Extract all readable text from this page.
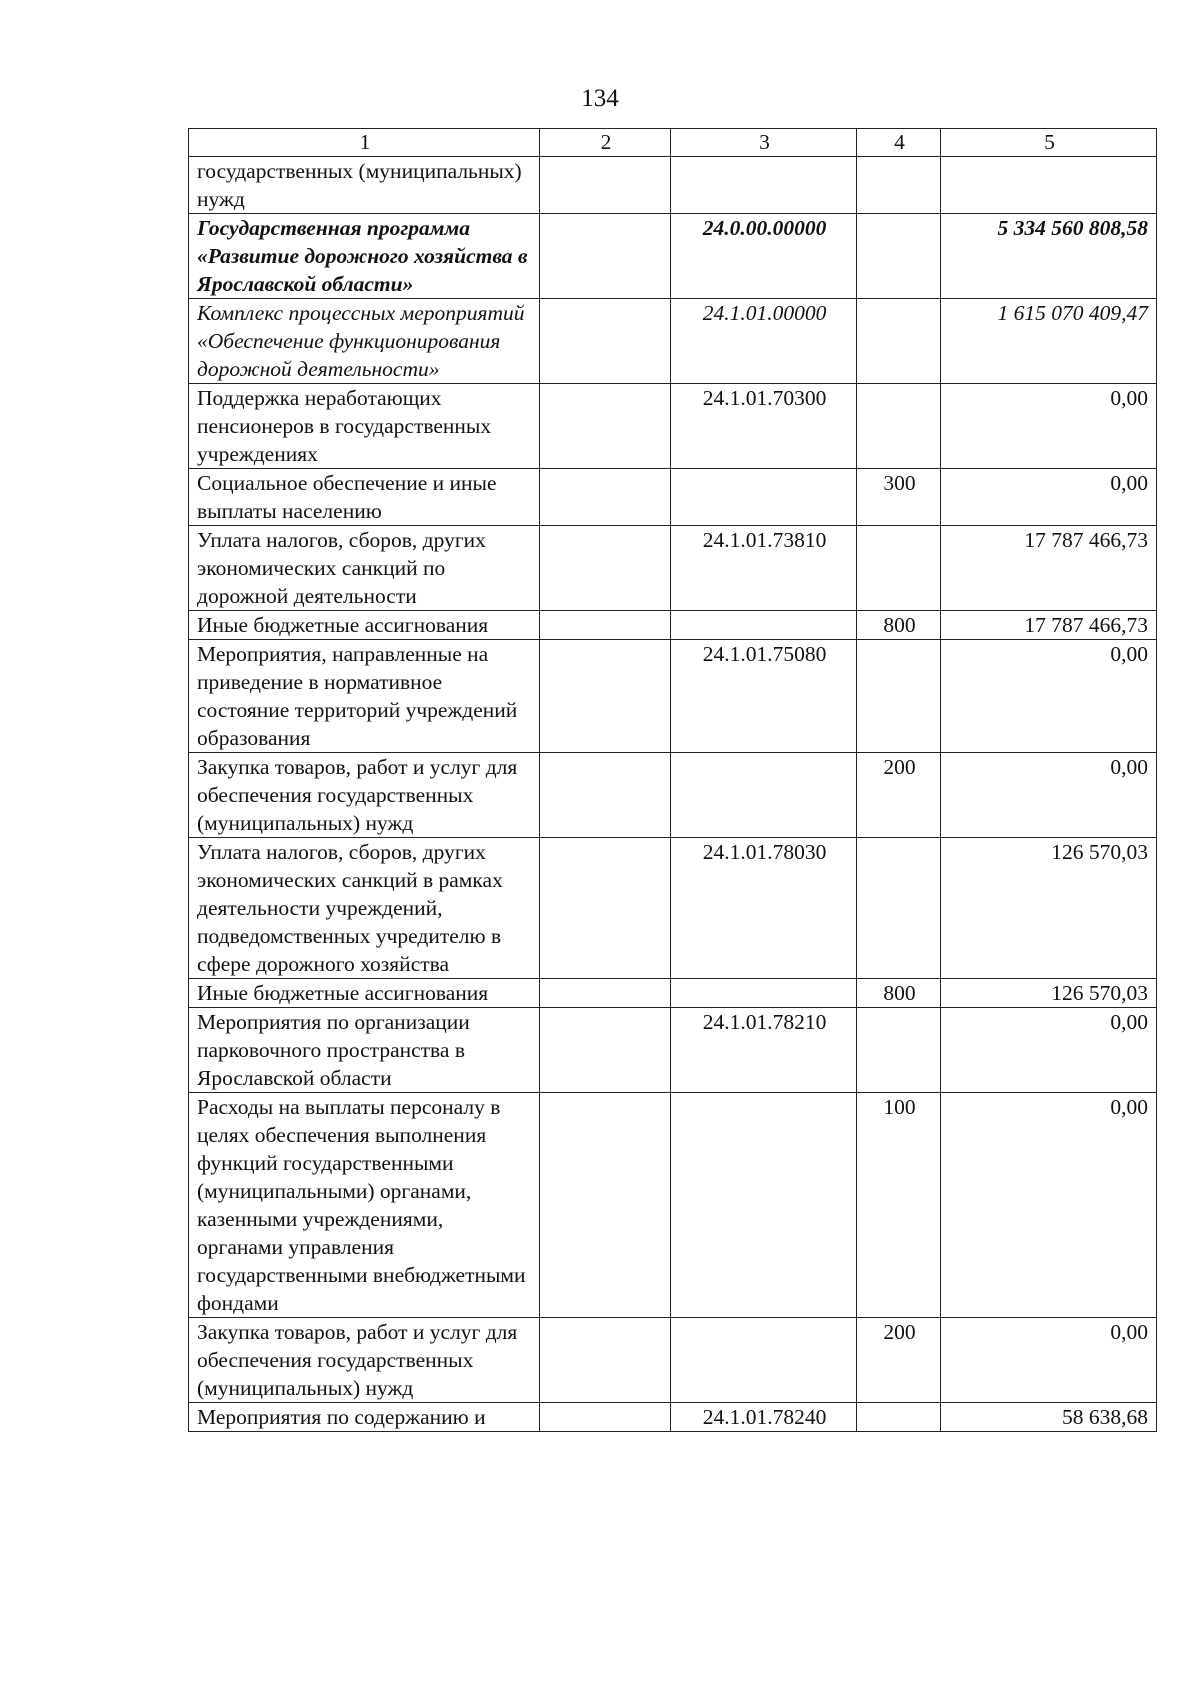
134
1	2	3	4	5
государственных (муниципальных) нужд				
Государственная программа «Развитие дорожного хозяйства в Ярославской области»		24.0.00.00000		5 334 560 808,58
Комплекс процессных мероприятий «Обеспечение функционирования дорожной деятельности»		24.1.01.00000		1 615 070 409,47
Поддержка неработающих пенсионеров в государственных учреждениях		24.1.01.70300		0,00
Социальное обеспечение и иные выплаты населению			300	0,00
Уплата налогов, сборов, других экономических санкций по дорожной деятельности		24.1.01.73810		17 787 466,73
Иные бюджетные ассигнования			800	17 787 466,73
Мероприятия, направленные на приведение в нормативное состояние территорий учреждений образования		24.1.01.75080		0,00
Закупка товаров, работ и услуг для обеспечения государственных (муниципальных) нужд			200	0,00
Уплата налогов, сборов, других экономических санкций в рамках деятельности учреждений, подведомственных учредителю в сфере дорожного хозяйства		24.1.01.78030		126 570,03
Иные бюджетные ассигнования			800	126 570,03
Мероприятия по организации парковочного пространства в Ярославской области		24.1.01.78210		0,00
Расходы на выплаты персоналу в целях обеспечения выполнения функций государственными (муниципальными) органами, казенными учреждениями, органами управления государственными внебюджетными фондами			100	0,00
Закупка товаров, работ и услуг для обеспечения государственных (муниципальных) нужд			200	0,00
Мероприятия по содержанию и		24.1.01.78240		58 638,68
